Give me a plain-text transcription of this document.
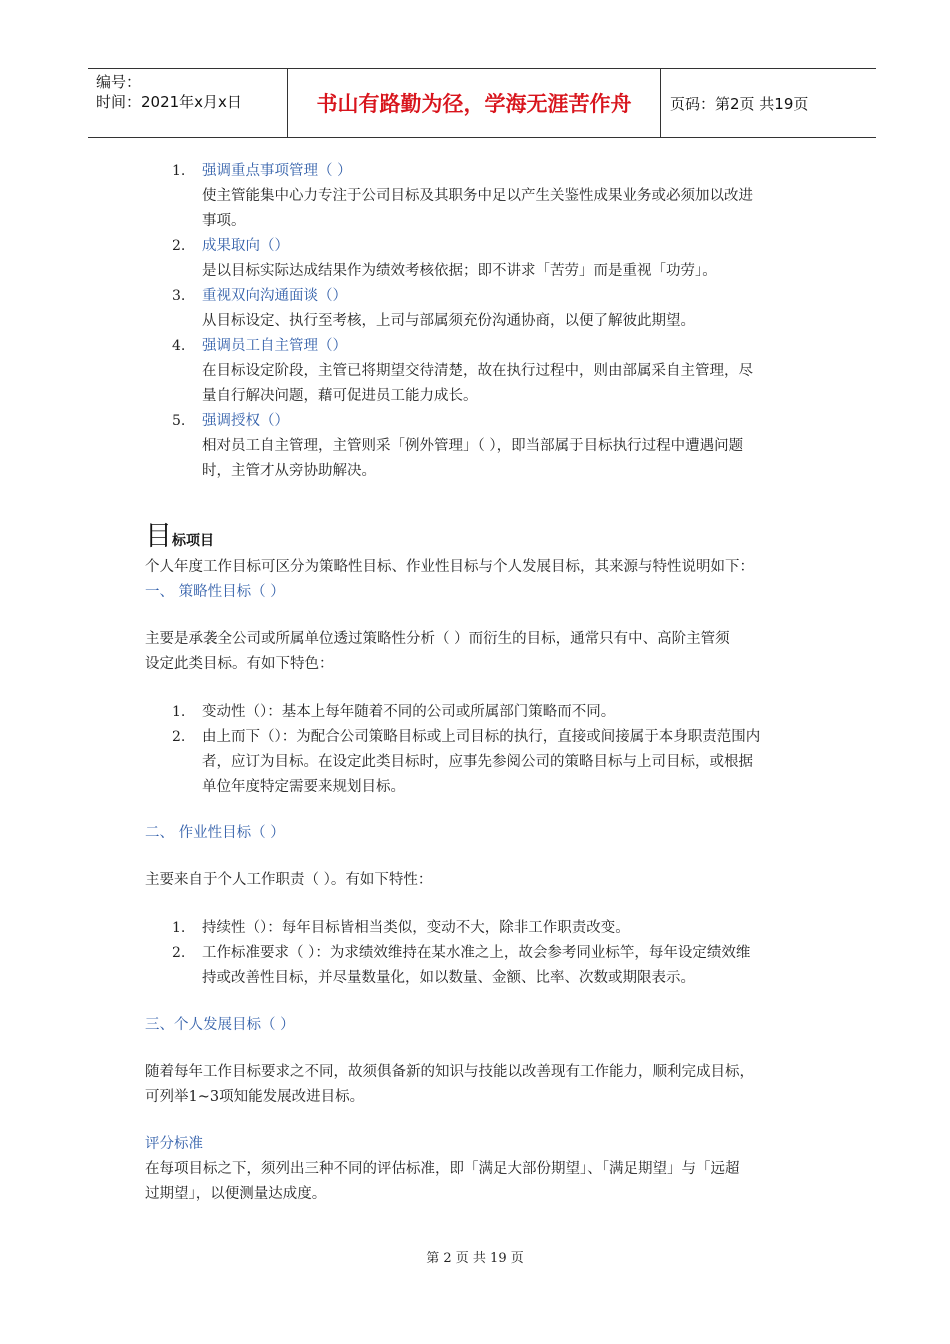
编号：
时间：2021年x月x日	书山有路勤为径，学海无涯苦作舟	页码：第2页 共19页
1. 强调重点事项管理（ ）
使主管能集中心力专注于公司目标及其职务中足以产生关鉴性成果业务或必须加以改进
事项。
2. 成果取向（）
是以目标实际达成结果作为绩效考核依据；即不讲求「苦劳」而是重视「功劳」。
3. 重视双向沟通面谈（）
从目标设定、执行至考核，上司与部属须充份沟通协商，以便了解彼此期望。
4. 强调员工自主管理（）
在目标设定阶段，主管已将期望交待清楚，故在执行过程中，则由部属采自主管理，尽
量自行解决问题，藉可促进员工能力成长。
5. 强调授权（）
相对员工自主管理，主管则采「例外管理」（ ），即当部属于目标执行过程中遭遇问题
时，主管才从旁协助解决。
目标项目
个人年度工作目标可区分为策略性目标、作业性目标与个人发展目标，其来源与特性说明如下：
一、 策略性目标（ ）
主要是承袭全公司或所属单位透过策略性分析（ ）而衍生的目标，通常只有中、高阶主管须
设定此类目标。有如下特色：
1. 变动性（）：基本上每年随着不同的公司或所属部门策略而不同。
2. 由上而下（）：为配合公司策略目标或上司目标的执行，直接或间接属于本身职责范围内
者，应订为目标。在设定此类目标时，应事先参阅公司的策略目标与上司目标，或根据
单位年度特定需要来规划目标。
二、 作业性目标（ ）
主要来自于个人工作职责（ ）。有如下特性：
1. 持续性（）：每年目标皆相当类似，变动不大，除非工作职责改变。
2. 工作标准要求（ ）：为求绩效维持在某水准之上，故会参考同业标竿，每年设定绩效维
持或改善性目标，并尽量数量化，如以数量、金额、比率、次数或期限表示。
三、个人发展目标（ ）
随着每年工作目标要求之不同，故须俱备新的知识与技能以改善现有工作能力，顺利完成目标，
可列举1~3项知能发展改进目标。
评分标准
在每项目标之下，须列出三种不同的评估标准，即「满足大部份期望」、「满足期望」与「远超
过期望」，以便测量达成度。
第 2 页 共 19 页
